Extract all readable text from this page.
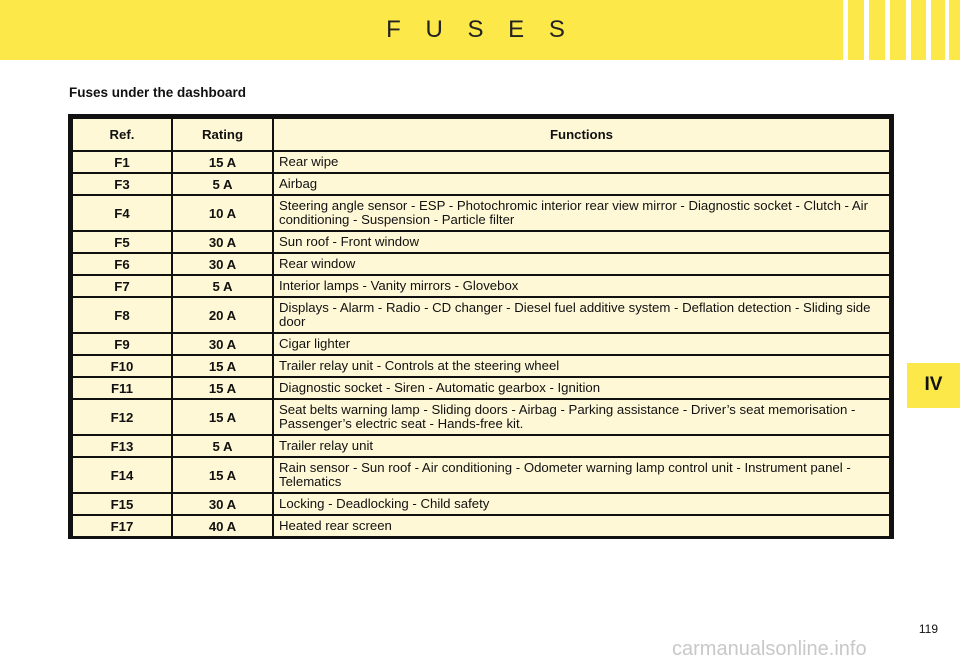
F U S E S
Fuses under the dashboard
Ref.	Rating	Functions
F1	15 A	Rear wipe
F3	5 A	Airbag
F4	10 A	Steering angle sensor - ESP - Photochromic interior rear view mirror - Diagnostic socket - Clutch - Air conditioning - Suspension - Particle filter
F5	30 A	Sun roof - Front window
F6	30 A	Rear window
F7	5 A	Interior lamps - Vanity mirrors - Glovebox
F8	20 A	Displays - Alarm - Radio - CD changer - Diesel fuel additive system - Deflation detection - Sliding side door
F9	30 A	Cigar lighter
F10	15 A	Trailer relay unit - Controls at the steering wheel
F11	15 A	Diagnostic socket - Siren - Automatic gearbox - Ignition
F12	15 A	Seat belts warning lamp - Sliding doors - Airbag - Parking assistance - Driver’s seat memorisation - Passenger’s electric seat - Hands-free kit.
F13	5 A	Trailer relay unit
F14	15 A	Rain sensor - Sun roof - Air conditioning - Odometer warning lamp control unit - Instrument panel - Telematics
F15	30 A	Locking - Deadlocking - Child safety
F17	40 A	Heated rear screen
IV
119
carmanualsonline.info
